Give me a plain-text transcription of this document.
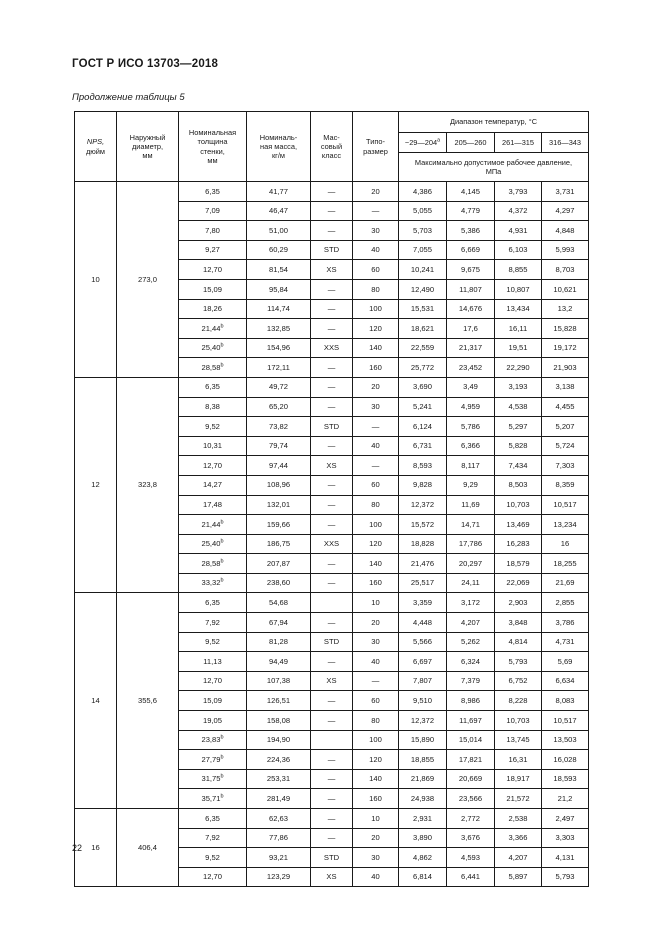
ГОСТ Р ИСО 13703—2018
Продолжение таблицы 5
NPS,
дюйм	Наружный
диаметр,
мм	Номинальная
толщина
стенки,
мм	Номиналь-
ная масса,
кг/м	Мас-
совый
класс	Типо-
размер	Диапазон температур, °C			
						$-29—204^a$	205—260	261—315	316—343
						Максимально допустимое рабочее давление,
МПа			
10	273,0	6,35	41,77	—	20	4,386	4,145	3,793	3,731
		7,09	46,47	—	—	5,055	4,779	4,372	4,297
		7,80	51,00	—	30	5,703	5,386	4,931	4,848
		9,27	60,29	STD	40	7,055	6,669	6,103	5,993
		12,70	81,54	XS	60	10,241	9,675	8,855	8,703
		15,09	95,84	—	80	12,490	11,807	10,807	10,621
		18,26	114,74	—	100	15,531	14,676	13,434	13,2
		21,44$^b$	132,85	—	120	18,621	17,6	16,11	15,828
		25,40$^b$	154,96	XXS	140	22,559	21,317	19,51	19,172
		28,58$^b$	172,11	—	160	25,772	23,452	22,290	21,903
12	323,8	6,35	49,72	—	20	3,690	3,49	3,193	3,138
		8,38	65,20	—	30	5,241	4,959	4,538	4,455
		9,52	73,82	STD	—	6,124	5,786	5,297	5,207
		10,31	79,74	—	40	6,731	6,366	5,828	5,724
		12,70	97,44	XS	—	8,593	8,117	7,434	7,303
		14,27	108,96	—	60	9,828	9,29	8,503	8,359
		17,48	132,01	—	80	12,372	11,69	10,703	10,517
		21,44$^b$	159,66	—	100	15,572	14,71	13,469	13,234
		25,40$^b$	186,75	XXS	120	18,828	17,786	16,283	16
		28,58$^b$	207,87	—	140	21,476	20,297	18,579	18,255
		33,32$^b$	238,60	—	160	25,517	24,11	22,069	21,69
14	355,6	6,35	54,68		10	3,359	3,172	2,903	2,855
		7,92	67,94	—	20	4,448	4,207	3,848	3,786
		9,52	81,28	STD	30	5,566	5,262	4,814	4,731
		11,13	94,49	—	40	6,697	6,324	5,793	5,69
		12,70	107,38	XS	—	7,807	7,379	6,752	6,634
		15,09	126,51	—	60	9,510	8,986	8,228	8,083
		19,05	158,08	—	80	12,372	11,697	10,703	10,517
		23,83$^b$	194,90		100	15,890	15,014	13,745	13,503
		27,79$^b$	224,36	—	120	18,855	17,821	16,31	16,028
		31,75$^b$	253,31	—	140	21,869	20,669	18,917	18,593
		35,71$^b$	281,49	—	160	24,938	23,566	21,572	21,2
16	406,4	6,35	62,63	—	10	2,931	2,772	2,538	2,497
		7,92	77,86	—	20	3,890	3,676	3,366	3,303
		9,52	93,21	STD	30	4,862	4,593	4,207	4,131
		12,70	123,29	XS	40	6,814	6,441	5,897	5,793
22
